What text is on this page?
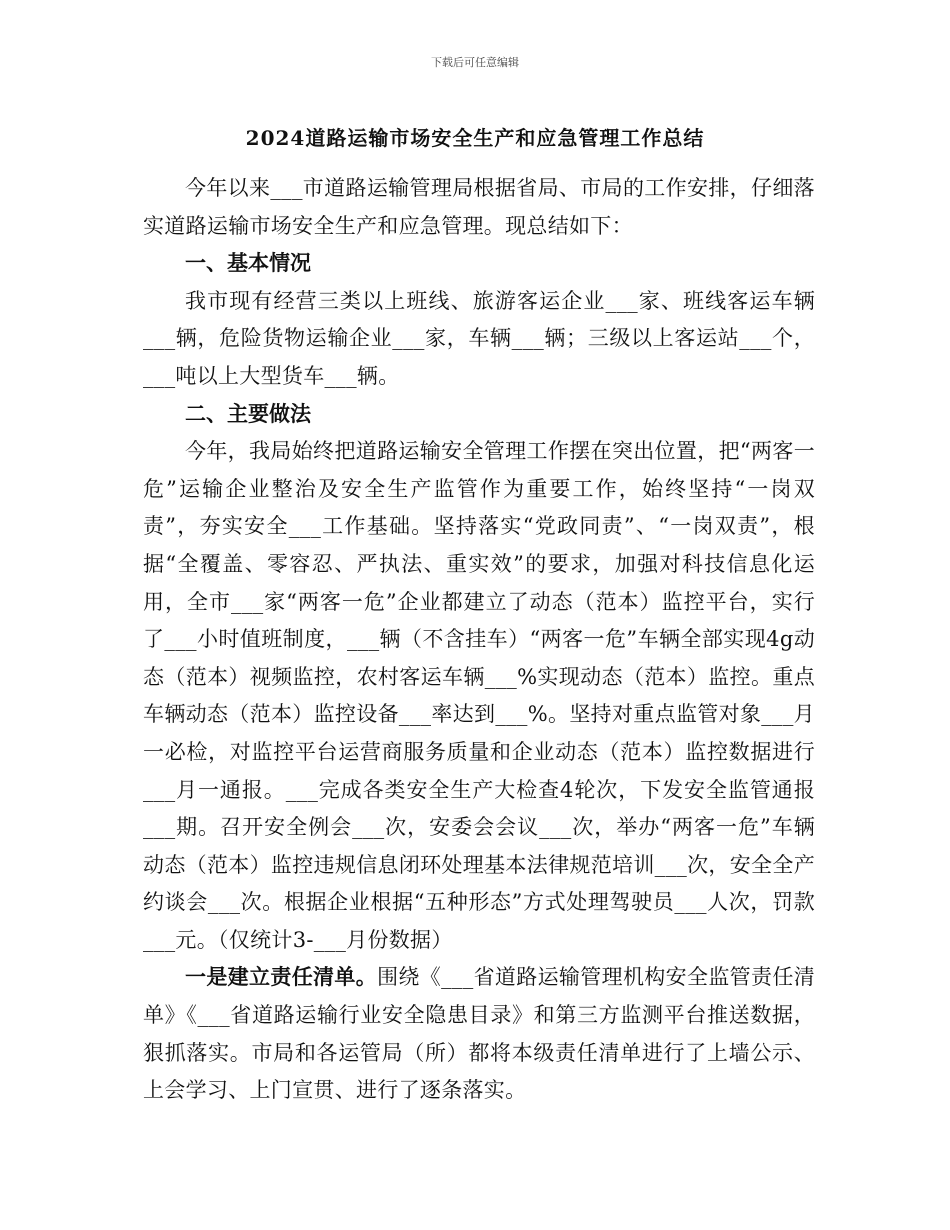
下载后可任意编辑
2024道路运输市场安全生产和应急管理工作总结

今年以来___市道路运输管理局根据省局、市局的工作安排，仔细落实道路运输市场安全生产和应急管理。现总结如下：

一、基本情况

我市现有经营三类以上班线、旅游客运企业___家、班线客运车辆___辆，危险货物运输企业___家，车辆___辆；三级以上客运站___个，___吨以上大型货车___辆。

二、主要做法

今年，我局始终把道路运输安全管理工作摆在突出位置，把“两客一危”运输企业整治及安全生产监管作为重要工作，始终坚持“一岗双责”，夯实安全___工作基础。坚持落实“党政同责”、“一岗双责”，根据“全覆盖、零容忍、严执法、重实效”的要求，加强对科技信息化运用，全市___家“两客一危”企业都建立了动态（范本）监控平台，实行了___小时值班制度，___辆（不含挂车）“两客一危”车辆全部实现4g动态（范本）视频监控，农村客运车辆___%实现动态（范本）监控。重点车辆动态（范本）监控设备___率达到___%。坚持对重点监管对象___月一必检，对监控平台运营商服务质量和企业动态（范本）监控数据进行___月一通报。___完成各类安全生产大检查4轮次，下发安全监管通报___期。召开安全例会___次，安委会会议___次，举办“两客一危”车辆动态（范本）监控违规信息闭环处理基本法律规范培训___次，安全全产约谈会___次。根据企业根据“五种形态”方式处理驾驶员___人次，罚款___元。（仅统计3-___月份数据）

一是建立责任清单。围绕《___省道路运输管理机构安全监管责任清单》《___省道路运输行业安全隐患目录》和第三方监测平台推送数据，狠抓落实。市局和各运管局（所）都将本级责任清单进行了上墙公示、上会学习、上门宣贯、进行了逐条落实。
